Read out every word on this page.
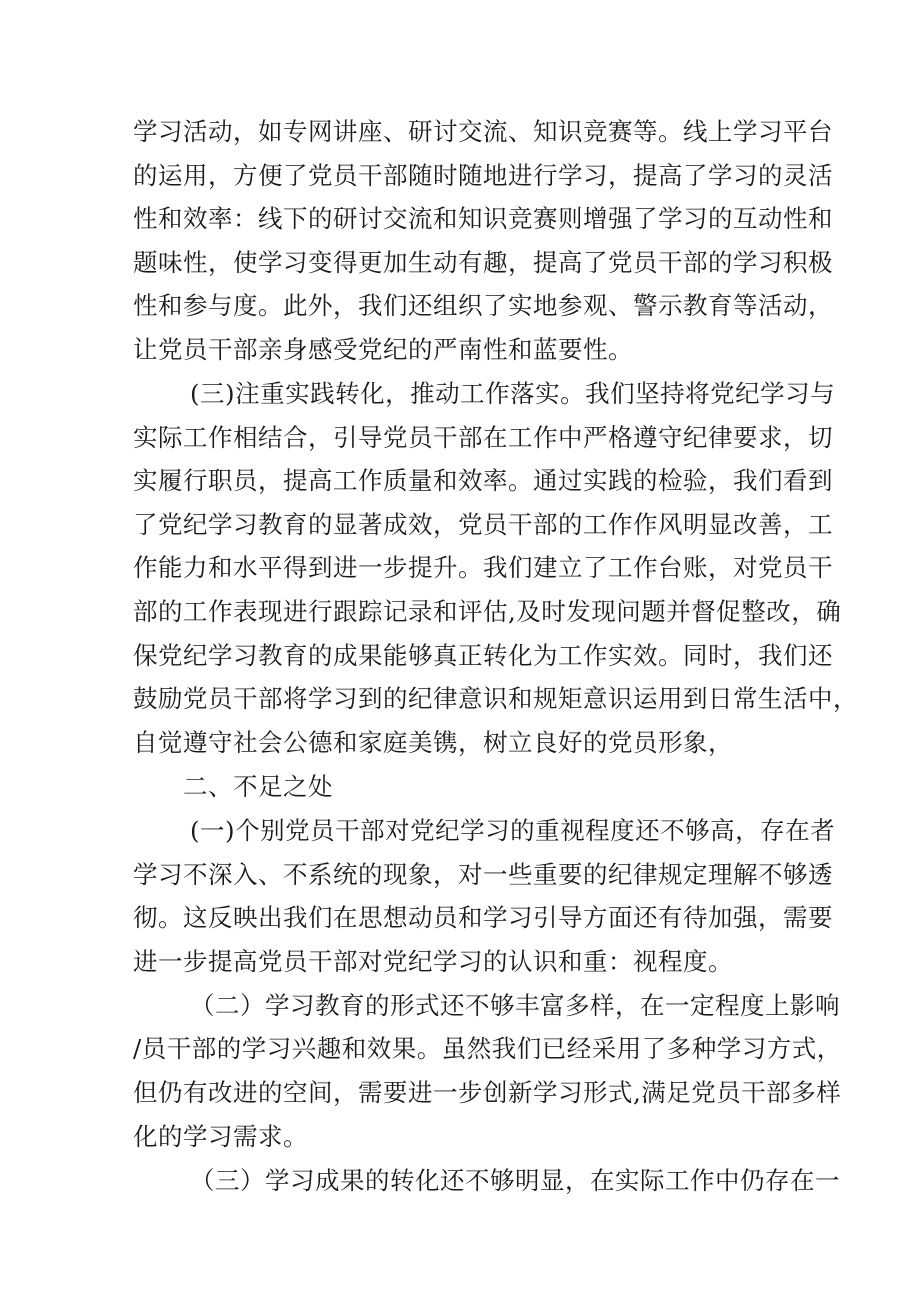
学习活动，如专网讲座、研讨交流、知识竞赛等。线上学习平台
的运用，方便了党员干部随时随地进行学习，提高了学习的灵活
性和效率：线下的研讨交流和知识竞赛则增强了学习的互动性和
题味性，使学习变得更加生动有趣，提高了党员干部的学习积极
性和参与度。此外，我们还组织了实地参观、警示教育等活动，
让党员干部亲身感受党纪的严南性和蓝要性。
(三)注重实践转化，推动工作落实。我们坚持将党纪学习与
实际工作相结合，引导党员干部在工作中严格遵守纪律要求，切
实履行职员，提高工作质量和效率。通过实践的检验，我们看到
了党纪学习教育的显著成效，党员干部的工作作风明显改善，工
作能力和水平得到进一步提升。我们建立了工作台账，对党员干
部的工作表现进行跟踪记录和评估,及时发现问题并督促整改，确
保党纪学习教育的成果能够真正转化为工作实效。同时，我们还
鼓励党员干部将学习到的纪律意识和规矩意识运用到日常生活中，
自觉遵守社会公德和家庭美镌，树立良好的党员形象，
二、不足之处
(一)个别党员干部对党纪学习的重视程度还不够高，存在者
学习不深入、不系统的现象，对一些重要的纪律规定理解不够透
彻。这反映出我们在思想动员和学习引导方面还有待加强，需要
进一步提高党员干部对党纪学习的认识和重：视程度。
（二）学习教育的形式还不够丰富多样，在一定程度上影响
/员干部的学习兴趣和效果。虽然我们已经采用了多种学习方式，
但仍有改进的空间，需要进一步创新学习形式,满足党员干部多样
化的学习需求。
（三）学习成果的转化还不够明显，在实际工作中仍存在一
